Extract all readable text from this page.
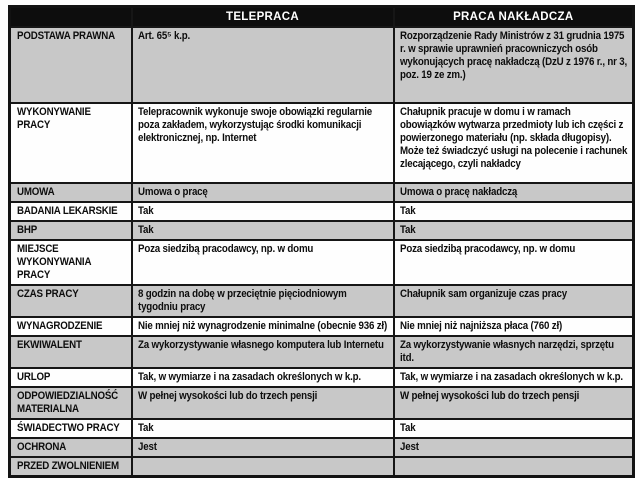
	TELEPRACA	PRACA NAKŁADCZA

PODSTAWA PRAWNA	Art. 65⁵ k.p.	Rozporządzenie Rady Ministrów z 31 grudnia 1975 r. w sprawie uprawnień pracowniczych osób wykonujących pracę nakładczą (DzU z 1976 r., nr 3, poz. 19 ze zm.)

WYKONYWANIE PRACY	Telepracownik wykonuje swoje obowiązki regularnie poza zakładem, wykorzystując środki komunikacji elektronicznej, np. Internet	Chałupnik pracuje w domu i w ramach obowiązków wytwarza przedmioty lub ich części z powierzonego materiału (np. składa długopisy). Może też świadczyć usługi na polecenie i rachunek zlecającego, czyli nakładcy

UMOWA	Umowa o pracę	Umowa o pracę nakładczą

BADANIA LEKARSKIE	Tak	Tak

BHP	Tak	Tak

MIEJSCE WYKONYWANIA PRACY	Poza siedzibą pracodawcy, np. w domu	Poza siedzibą pracodawcy, np. w domu

CZAS PRACY	8 godzin na dobę w przeciętnie pięciodniowym tygodniu pracy	Chałupnik sam organizuje czas pracy

WYNAGRODZENIE	Nie mniej niż wynagrodzenie minimalne (obecnie 936 zł)	Nie mniej niż najniższa płaca (760 zł)

EKWIWALENT	Za wykorzystywanie własnego komputera lub Internetu	Za wykorzystywanie własnych narzędzi, sprzętu itd.

URLOP	Tak, w wymiarze i na zasadach określonych w k.p.	Tak, w wymiarze i na zasadach określonych w k.p.

ODPOWIEDZIALNOŚĆ MATERIALNA	W pełnej wysokości lub do trzech pensji	W pełnej wysokości lub do trzech pensji

ŚWIADECTWO PRACY	Tak	Tak

OCHRONA	Jest	Jest

PRZED ZWOLNIENIEM		
